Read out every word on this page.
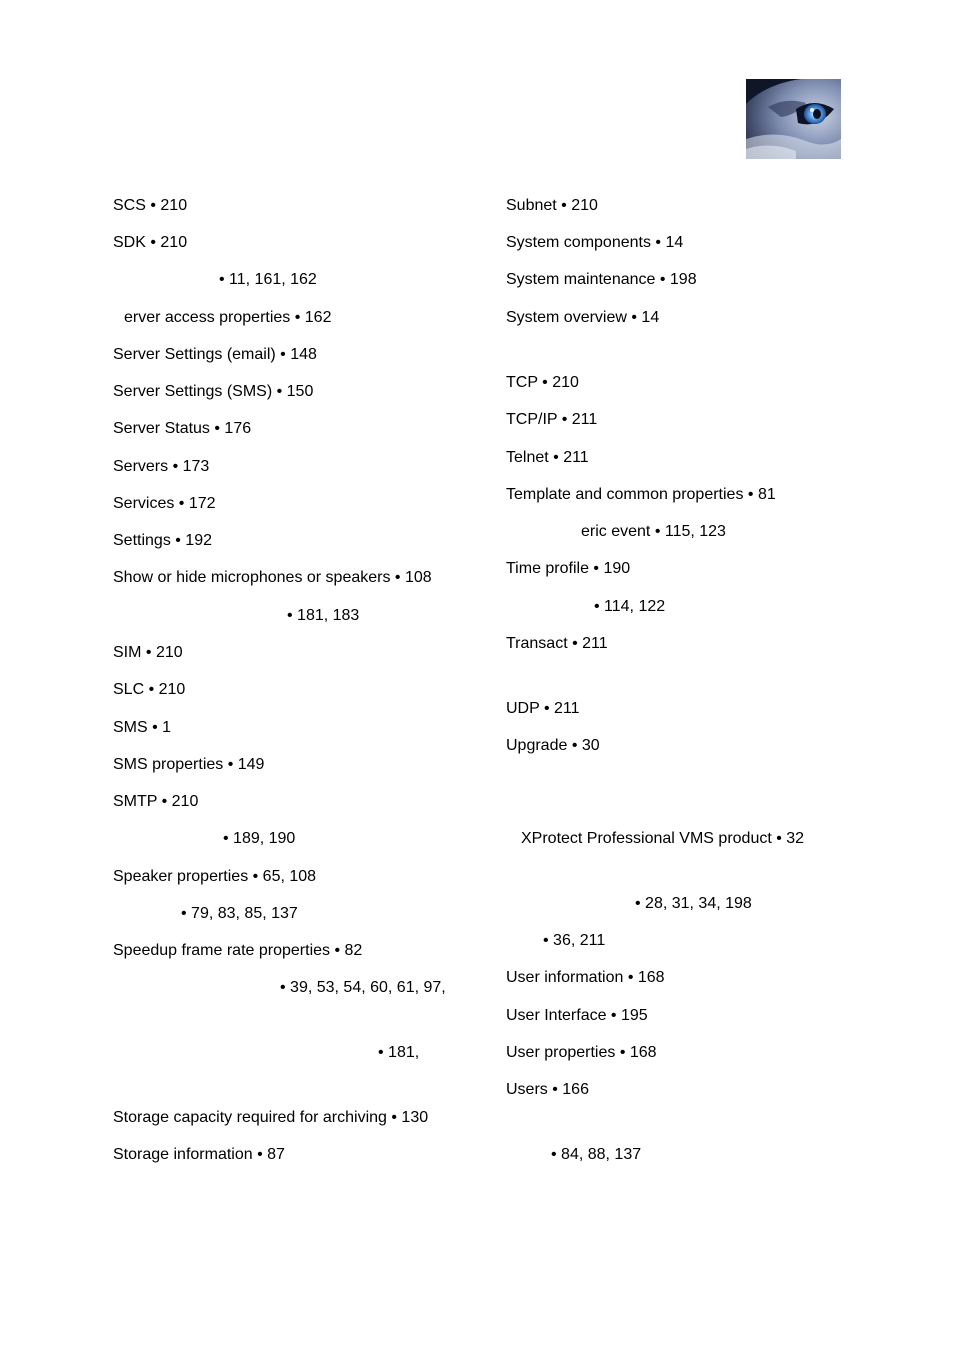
SCS • 210
SDK • 210
• 11, 161, 162
erver access properties • 162
Server Settings (email) • 148
Server Settings (SMS) • 150
Server Status • 176
Servers • 173
Services • 172
Settings • 192
Show or hide microphones or speakers • 108
• 181, 183
SIM • 210
SLC • 210
SMS • 1
SMS properties • 149
SMTP • 210
• 189, 190
Speaker properties • 65, 108
• 79, 83, 85, 137
Speedup frame rate properties • 82
• 39, 53, 54, 60, 61, 97,
• 181,
Storage capacity required for archiving • 130
Storage information • 87
Subnet • 210
System components • 14
System maintenance • 198
System overview • 14
TCP • 210
TCP/IP • 211
Telnet • 211
Template and common properties • 81
eric event • 115, 123
Time profile • 190
• 114, 122
Transact • 211
UDP • 211
Upgrade • 30
XProtect Professional VMS product • 32
• 28, 31, 34, 198
• 36, 211
User information • 168
User Interface • 195
User properties • 168
Users • 166
• 84, 88, 137
